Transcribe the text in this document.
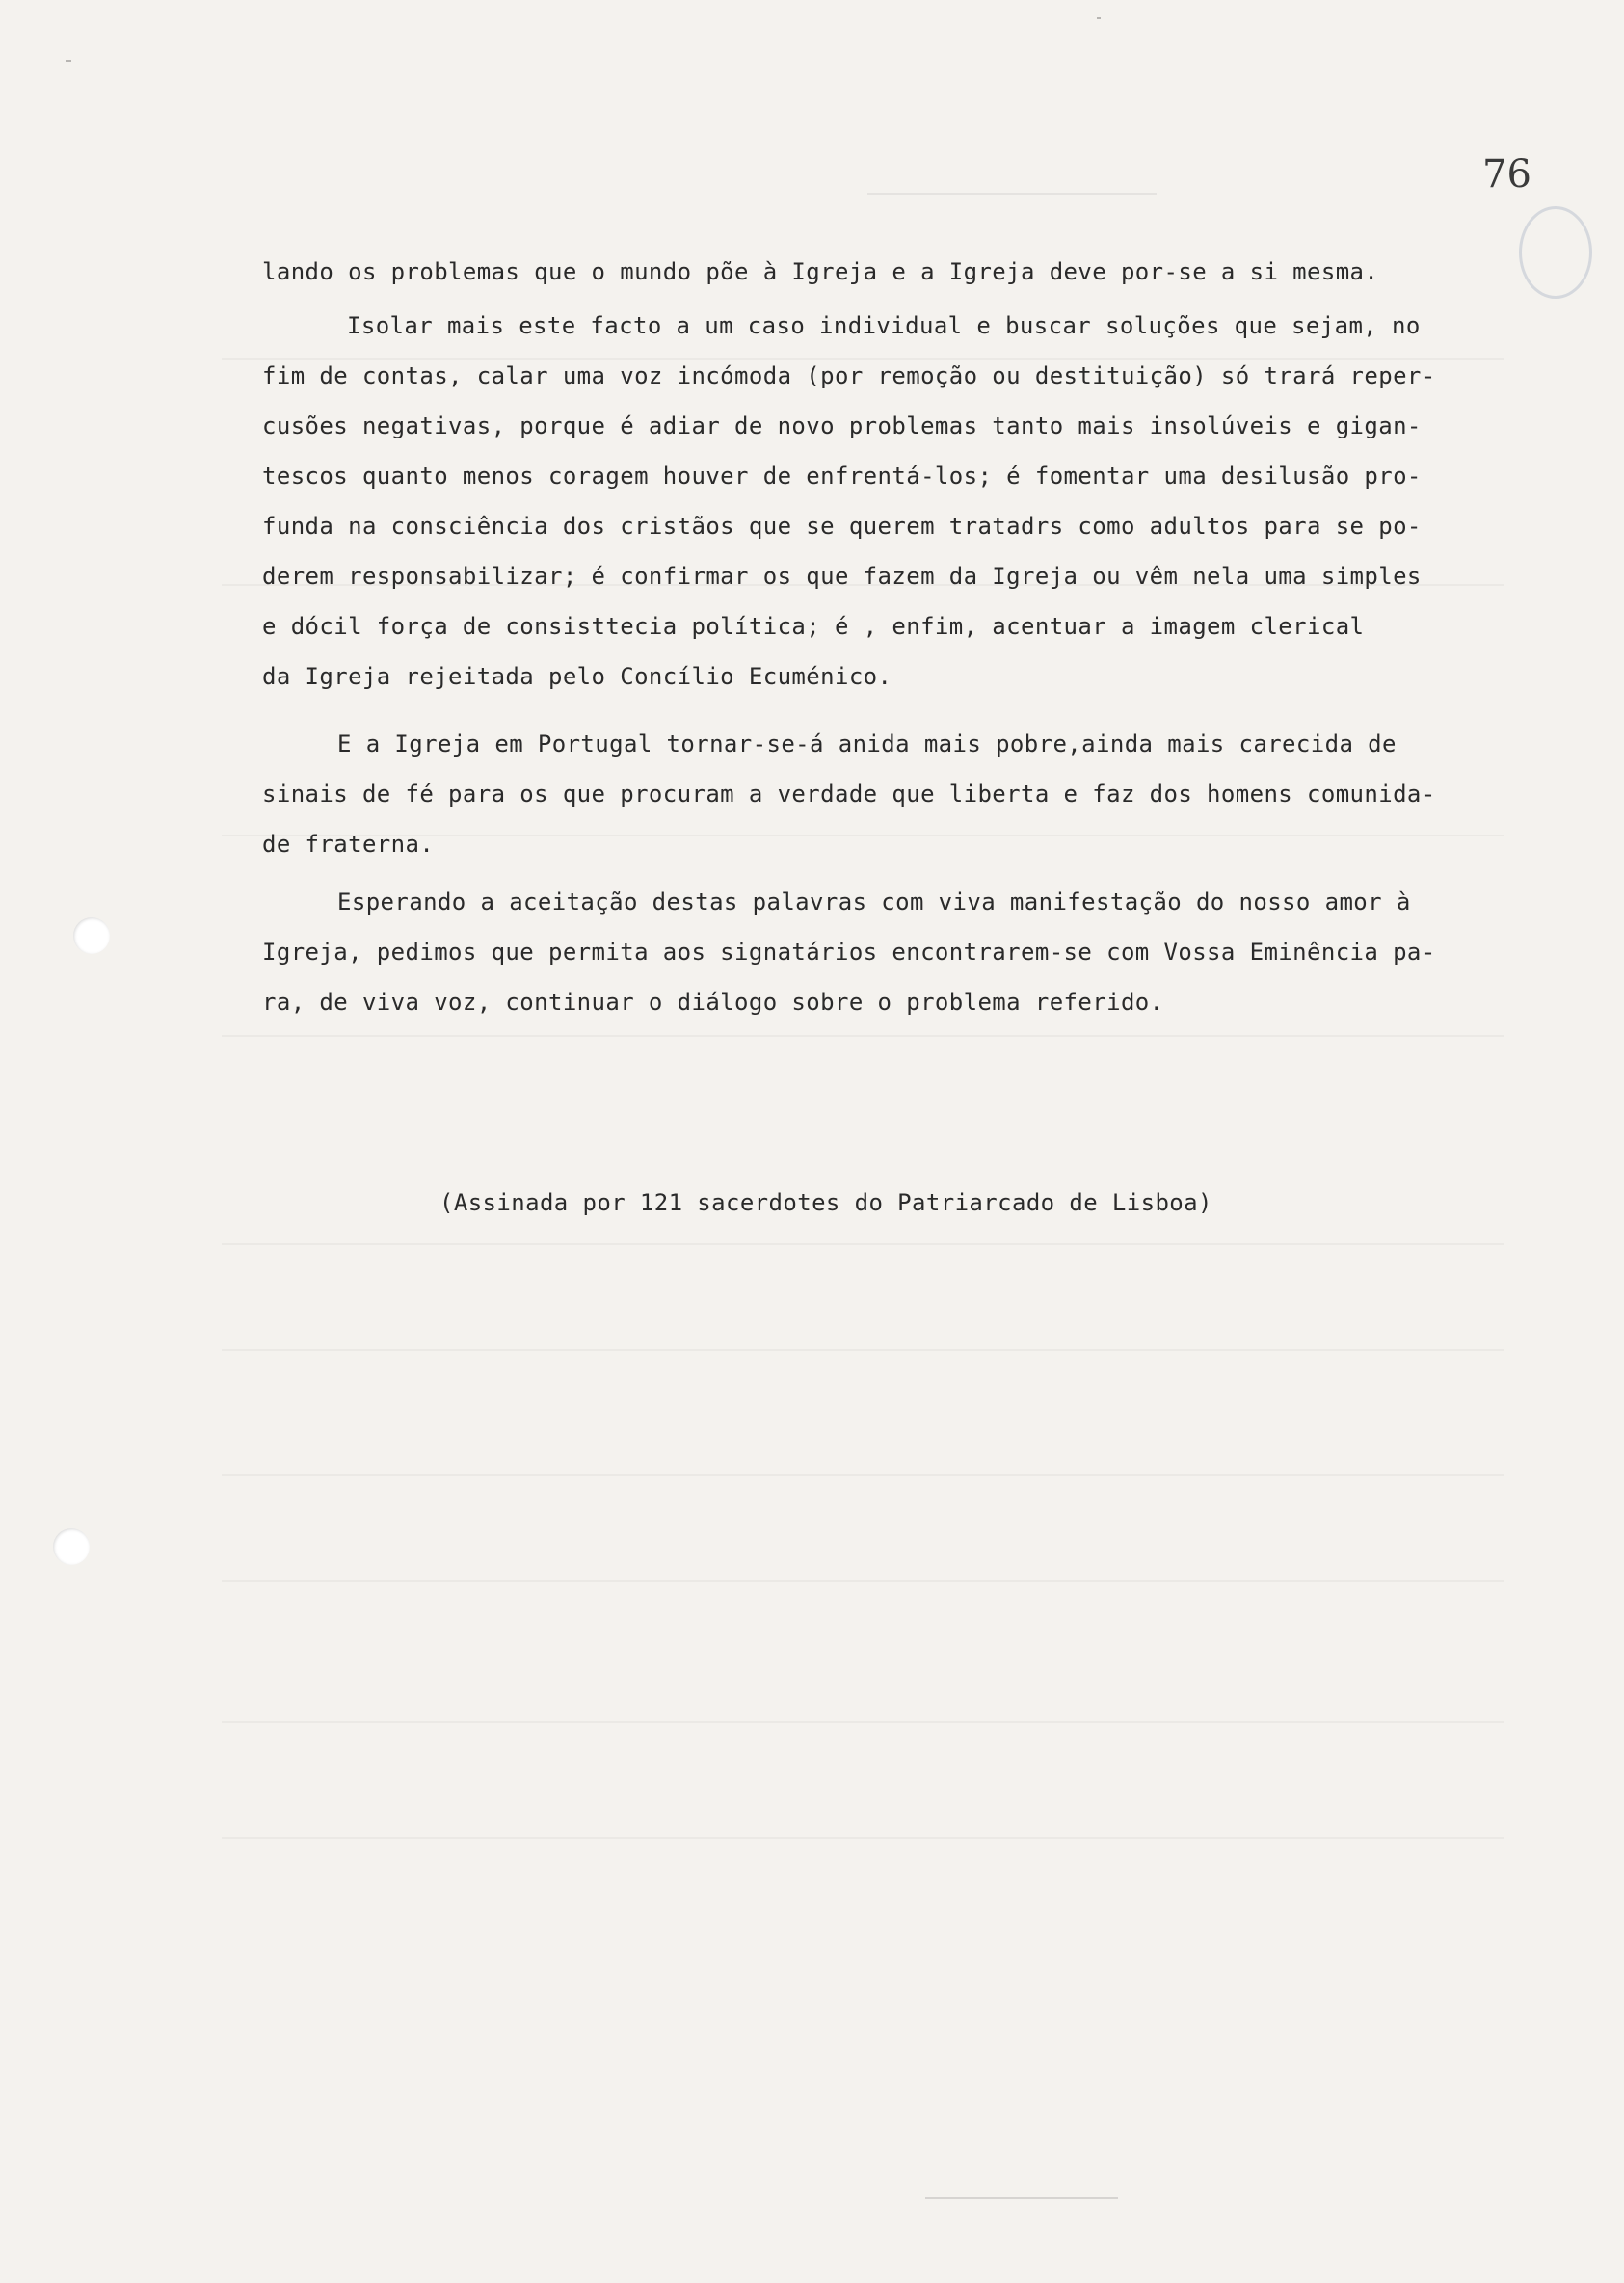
76
lando os problemas que o mundo põe à Igreja e a Igreja deve por-se a si mesma.
Isolar mais este facto a um caso individual e buscar soluções que sejam, no
fim de contas, calar uma voz incómoda (por remoção ou destituição) só trará reper-
cusões negativas, porque é adiar de novo problemas tanto mais insolúveis e gigan-
tescos quanto menos coragem houver de enfrentá-los; é fomentar uma desilusão pro-
funda na consciência dos cristãos que se querem tratadrs como adultos para se po-
derem responsabilizar; é confirmar os que fazem da Igreja ou vêm nela uma simples
e dócil força de consisttecia política; é , enfim, acentuar a imagem clerical
da Igreja rejeitada pelo Concílio Ecuménico.
E a Igreja em Portugal tornar-se-á anida mais pobre,ainda mais carecida de
sinais de fé para os que procuram a verdade que liberta e faz dos homens comunida-
de fraterna.
Esperando a aceitação destas palavras com viva manifestação do nosso amor à
Igreja, pedimos que permita aos signatários encontrarem-se com Vossa Eminência pa-
ra, de viva voz, continuar o diálogo sobre o problema referido.
(Assinada por 121 sacerdotes do Patriarcado de Lisboa)
